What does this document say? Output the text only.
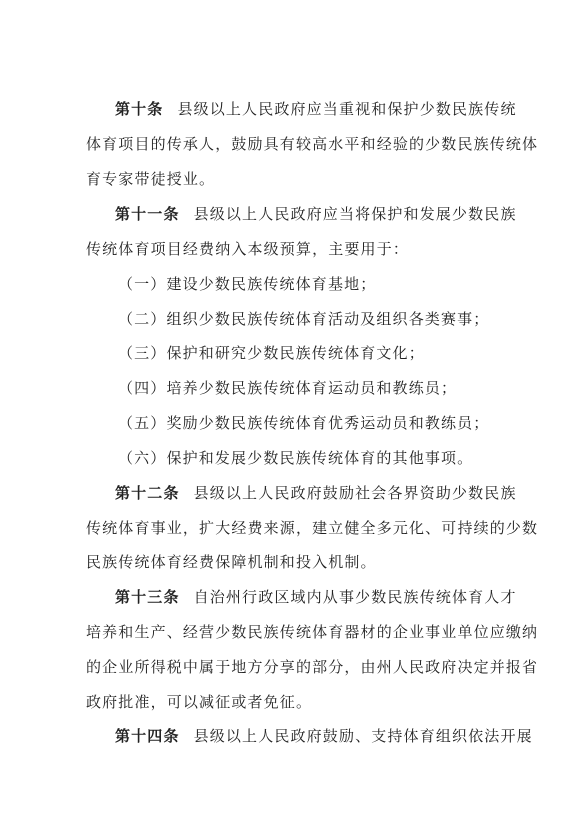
第十条 县级以上人民政府应当重视和保护少数民族传统
体育项目的传承人，鼓励具有较高水平和经验的少数民族传统体
育专家带徒授业。
第十一条 县级以上人民政府应当将保护和发展少数民族
传统体育项目经费纳入本级预算，主要用于：
（一）建设少数民族传统体育基地；
（二）组织少数民族传统体育活动及组织各类赛事；
（三）保护和研究少数民族传统体育文化；
（四）培养少数民族传统体育运动员和教练员；
（五）奖励少数民族传统体育优秀运动员和教练员；
（六）保护和发展少数民族传统体育的其他事项。
第十二条 县级以上人民政府鼓励社会各界资助少数民族
传统体育事业，扩大经费来源，建立健全多元化、可持续的少数
民族传统体育经费保障机制和投入机制。
第十三条 自治州行政区域内从事少数民族传统体育人才
培养和生产、经营少数民族传统体育器材的企业事业单位应缴纳
的企业所得税中属于地方分享的部分，由州人民政府决定并报省
政府批准，可以减征或者免征。
第十四条 县级以上人民政府鼓励、支持体育组织依法开展
